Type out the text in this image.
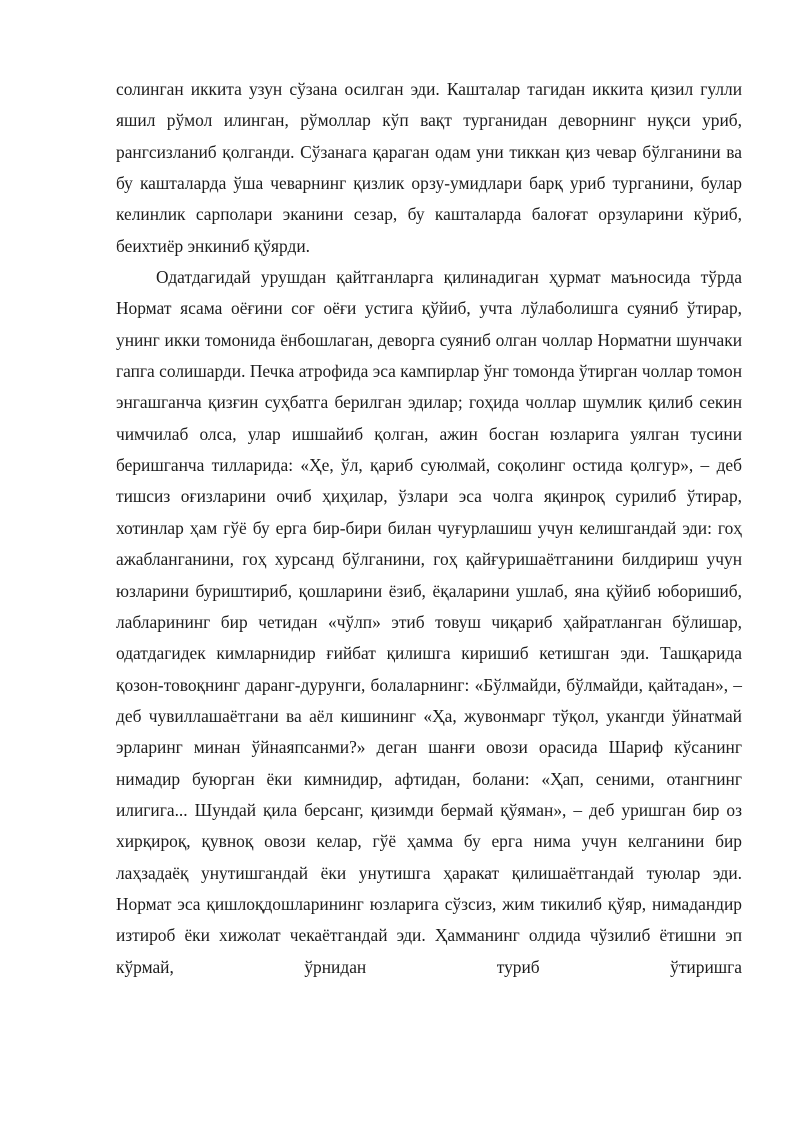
солинган иккита узун сўзана осилган эди. Кашталар тагидан иккита қизил гулли яшил рўмол илинган, рўмоллар кўп вақт турганидан деворнинг нуқси уриб, рангсизланиб қолганди. Сўзанага қараган одам уни тиккан қиз чевар бўлганини ва бу кашталарда ўша чеварнинг қизлик орзу-умидлари барқ уриб турганини, булар келинлик сарполари эканини сезар, бу кашталарда балоғат орзуларини кўриб, беихтиёр энкиниб қўярди.

Одатдагидай урушдан қайтганларга қилинадиган ҳурмат маъносида тўрда Нормат ясама оёғини соғ оёғи устига қўйиб, учта лўлаболишга суяниб ўтирар, унинг икки томонида ёнбошлаган, деворга суяниб олган чоллар Норматни шунчаки гапга солишарди. Печка атрофида эса кампирлар ўнг томонда ўтирган чоллар томон энгашганча қизғин суҳбатга берилган эдилар; гоҳида чоллар шумлик қилиб секин чимчилаб олса, улар ишшайиб қолган, ажин босган юзларига уялган тусини беришганча тилларида: «Ҳе, ўл, қариб суюлмай, соқолинг остида қолгур», – деб тишсиз оғизларини очиб ҳиҳилар, ўзлари эса чолга яқинроқ сурилиб ўтирар, хотинлар ҳам гўё бу ерга бир-бири билан чуғурлашиш учун келишгандай эди: гоҳ ажабланганини, гоҳ хурсанд бўлганини, гоҳ қайғуришаётганини билдириш учун юзларини буриштириб, қошларини ёзиб, ёқаларини ушлаб, яна қўйиб юборишиб, лабларининг бир четидан «чўлп» этиб товуш чиқариб ҳайратланган бўлишар, одатдагидек кимларнидир ғийбат қилишга киришиб кетишган эди. Ташқарида қозон-товоқнинг даранг-дурунги, болаларнинг: «Бўлмайди, бўлмайди, қайтадан», – деб чувиллашаётгани ва аёл кишининг «Ҳа, жувонмарг тўқол, укангди ўйнатмай эрларинг минан ўйнаяпсанми?» деган шанғи овози орасида Шариф кўсанинг нимадир буюрган ёки кимнидир, афтидан, болани: «Ҳап, сеними, отангнинг илигига... Шундай қила берсанг, қизимди бермай қўяман», – деб уришган бир оз хирқироқ, қувноқ овози келар, гўё ҳамма бу ерга нима учун келганини бир лаҳзадаёқ унутишгандай ёки унутишга ҳаракат қилишаётгандай туюлар эди. Нормат эса қишлоқдошларининг юзларига сўзсиз, жим тикилиб қўяр, нимадандир изтироб ёки хижолат чекаётгандай эди. Ҳамманинг олдида чўзилиб ётишни эп кўрмай, ўрнидан туриб ўтиришга
